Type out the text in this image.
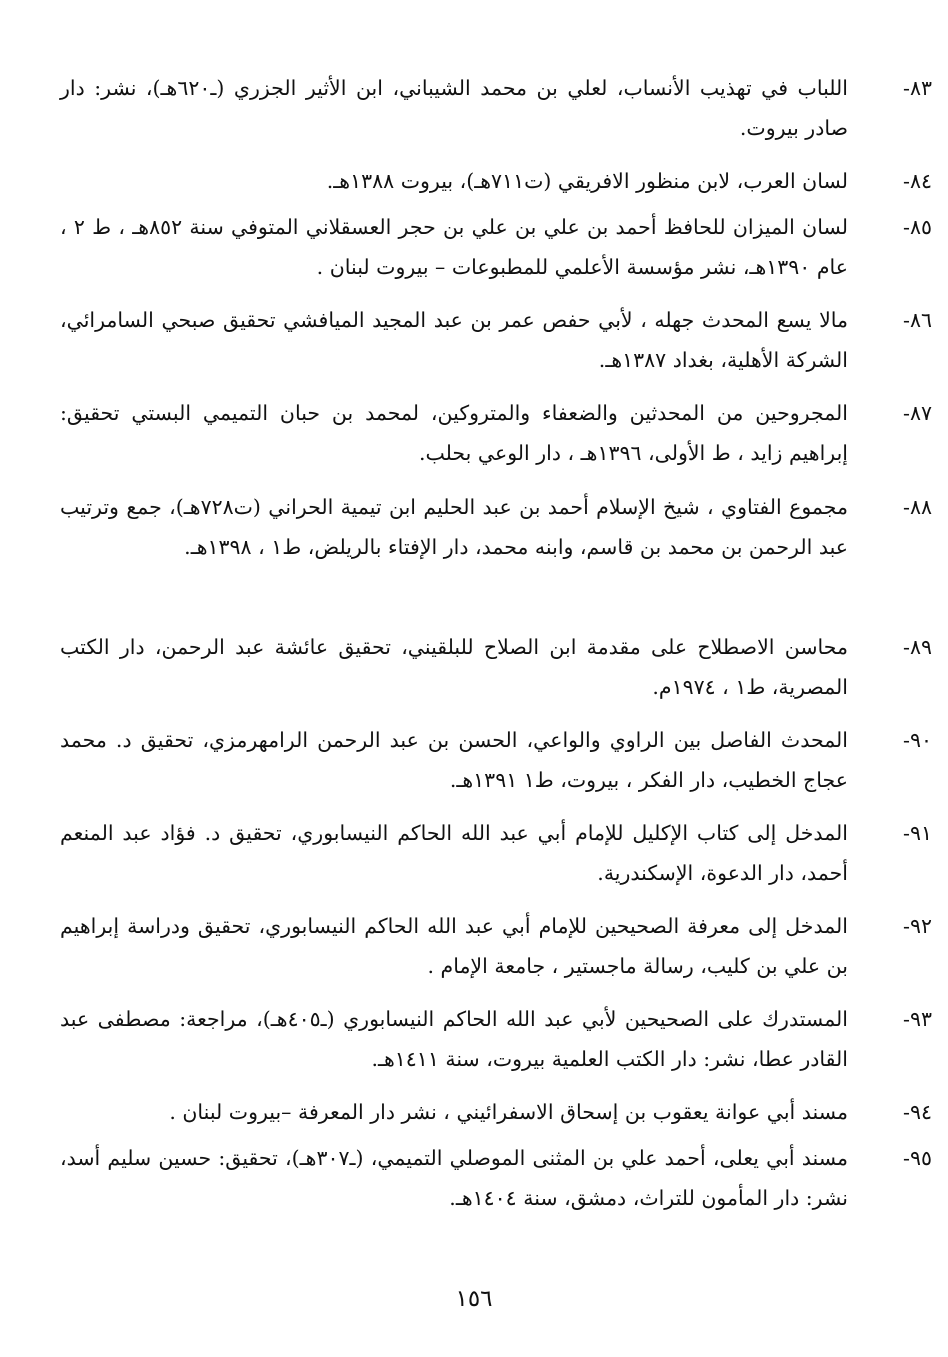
٨٣-
اللباب في تهذيب الأنساب، لعلي بن محمد الشيباني، ابن الأثير الجزري (ـ٦٢٠هـ)، نشر: دار صادر بيروت.
٨٤-
لسان العرب، لابن منظور الافريقي (ت٧١١هـ)، بيروت ١٣٨٨هـ.
٨٥-
لسان الميزان للحافظ أحمد بن علي بن علي بن حجر العسقلاني المتوفي سنة ٨٥٢هـ ، ط ٢ ، عام ١٣٩٠هـ، نشر مؤسسة الأعلمي للمطبوعات – بيروت لبنان .
٨٦-
مالا يسع المحدث جهله ، لأبي حفص عمر بن عبد المجيد الميافشي تحقيق صبحي السامرائي، الشركة الأهلية، بغداد ١٣٨٧هـ.
٨٧-
المجروحين من المحدثين والضعفاء والمتروكين، لمحمد بن حبان التميمي البستي تحقيق: إبراهيم زايد ، ط الأولى، ١٣٩٦هـ ، دار الوعي بحلب.
٨٨-
مجموع الفتاوي ، شيخ الإسلام أحمد بن عبد الحليم ابن تيمية الحراني (ت٧٢٨هـ)، جمع وترتيب عبد الرحمن بن محمد بن قاسم، وابنه محمد، دار الإفتاء بالريلض، ط١ ، ١٣٩٨هـ.
٨٩-
محاسن الاصطلاح على مقدمة ابن الصلاح للبلقيني، تحقيق عائشة عبد الرحمن، دار الكتب المصرية، ط١ ، ١٩٧٤م.
٩٠-
المحدث الفاصل بين الراوي والواعي، الحسن بن عبد الرحمن الرامهرمزي، تحقيق د. محمد عجاج الخطيب، دار الفكر ، بيروت، ط١ ١٣٩١هـ.
٩١-
المدخل إلى كتاب الإكليل للإمام أبي عبد الله الحاكم النيسابوري، تحقيق د. فؤاد عبد المنعم أحمد، دار الدعوة، الإسكندرية.
٩٢-
المدخل إلى معرفة الصحيحين للإمام أبي عبد الله الحاكم النيسابوري، تحقيق ودراسة إبراهيم بن علي بن كليب، رسالة ماجستير ، جامعة الإمام .
٩٣-
المستدرك على الصحيحين لأبي عبد الله الحاكم النيسابوري (ـ٤٠٥هـ)، مراجعة: مصطفى عبد القادر عطا، نشر: دار الكتب العلمية بيروت، سنة ١٤١١هـ.
٩٤-
مسند أبي عوانة يعقوب بن إسحاق الاسفرائيني ، نشر دار المعرفة –بيروت لبنان .
٩٥-
مسند أبي يعلى، أحمد علي بن المثنى الموصلي التميمي، (ـ٣٠٧هـ)، تحقيق: حسين سليم أسد، نشر: دار المأمون للتراث، دمشق، سنة ١٤٠٤هـ.
١٥٦
